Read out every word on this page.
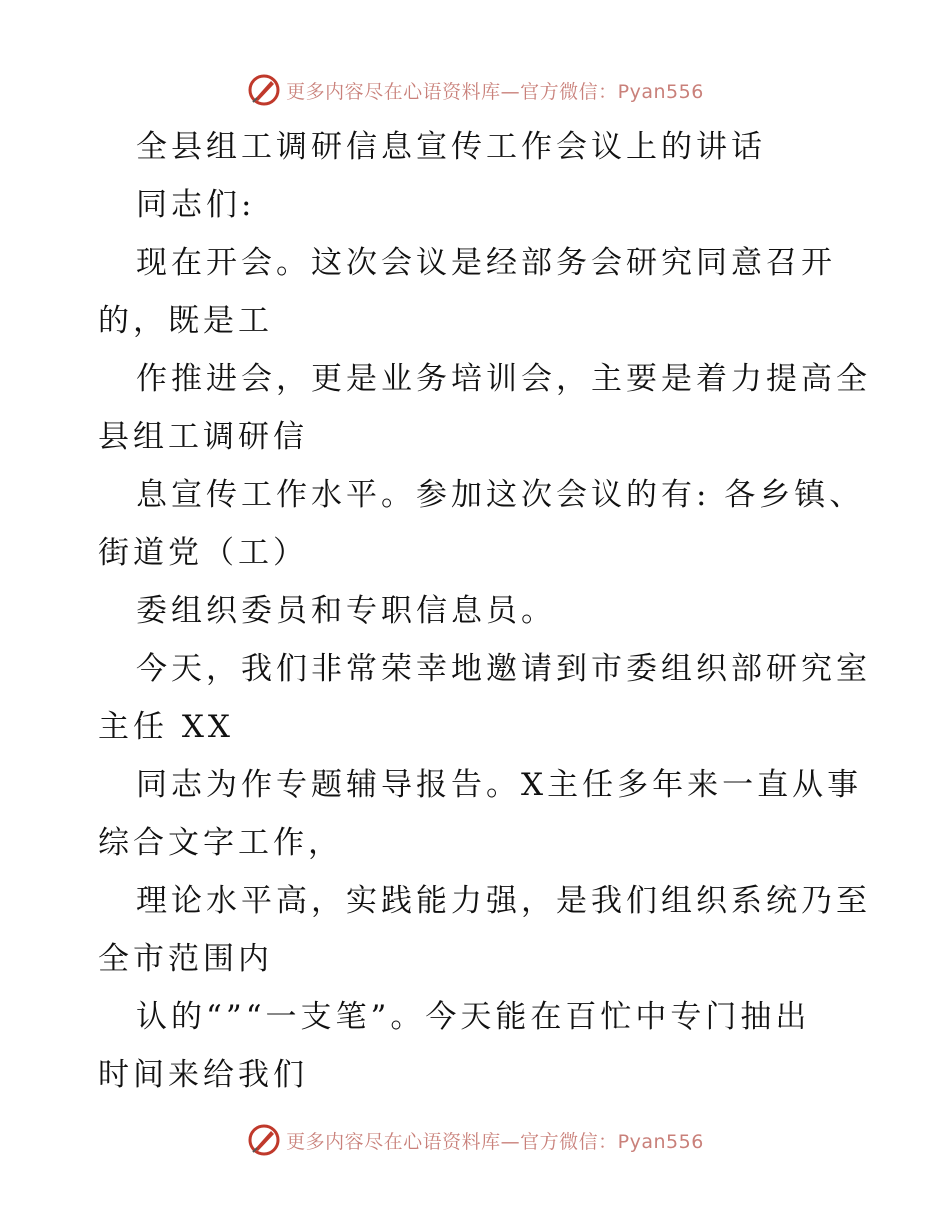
更多内容尽在心语资料库—官方微信：Pyan556
全县组工调研信息宣传工作会议上的讲话
同志们:
现在开会。这次会议是经部务会研究同意召开
的，既是工
作推进会，更是业务培训会，主要是着力提高全
县组工调研信
息宣传工作水平。参加这次会议的有: 各乡镇、
街道党（工）
委组织委员和专职信息员。
今天，我们非常荣幸地邀请到市委组织部研究室
主任 XX
同志为作专题辅导报告。X主任多年来一直从事
综合文字工作，
理论水平高，实践能力强，是我们组织系统乃至
全市范围内
认的“”“一支笔”。今天能在百忙中专门抽出
时间来给我们
更多内容尽在心语资料库—官方微信：Pyan556
